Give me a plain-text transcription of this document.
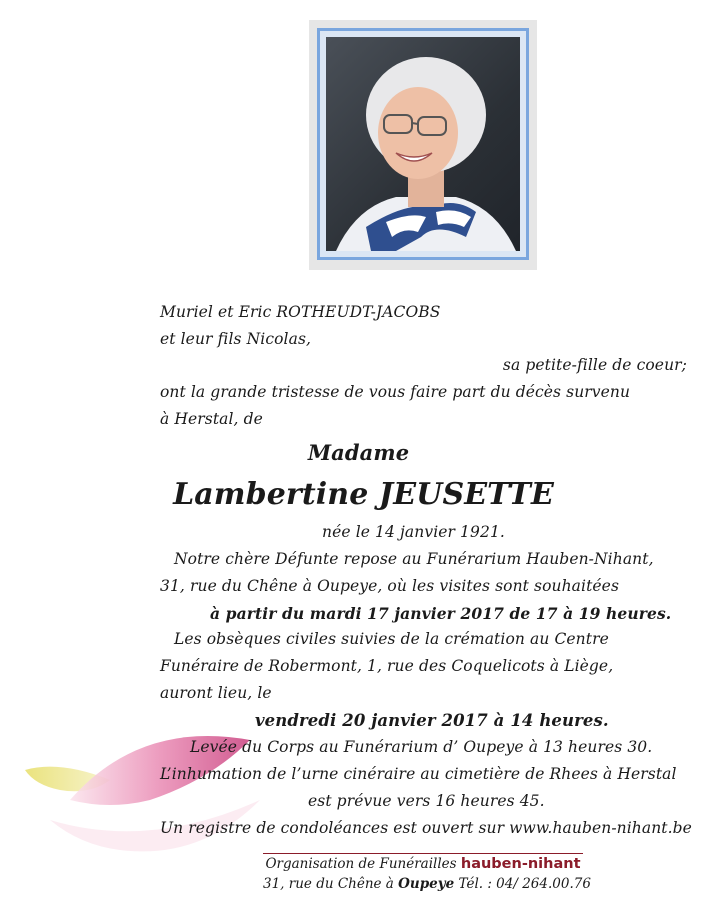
Muriel et Eric ROTHEUDT-JACOBS
et leur fils Nicolas,
sa petite-fille de coeur;
ont la grande tristesse de vous faire part du décès survenu
à Herstal, de
Madame
Lambertine JEUSETTE
née le 14 janvier 1921.
Notre chère Défunte repose au Funérarium Hauben-Nihant,
31, rue du Chêne à Oupeye, où les visites sont souhaitées
à partir du mardi 17 janvier 2017 de 17 à 19 heures.
Les obsèques civiles suivies de la crémation au Centre
Funéraire de Robermont, 1, rue des Coquelicots à Liège,
auront lieu, le
vendredi 20 janvier 2017 à 14 heures.
Levée du Corps au Funérarium d’ Oupeye à 13 heures 30.
L’inhumation de l’urne cinéraire au cimetière de Rhees à Herstal
est prévue vers 16 heures 45.
Un registre de condoléances est ouvert sur www.hauben-nihant.be
Organisation de Funérailles hauben-nihant
31, rue du Chêne à Oupeye Tél. : 04/ 264.00.76
